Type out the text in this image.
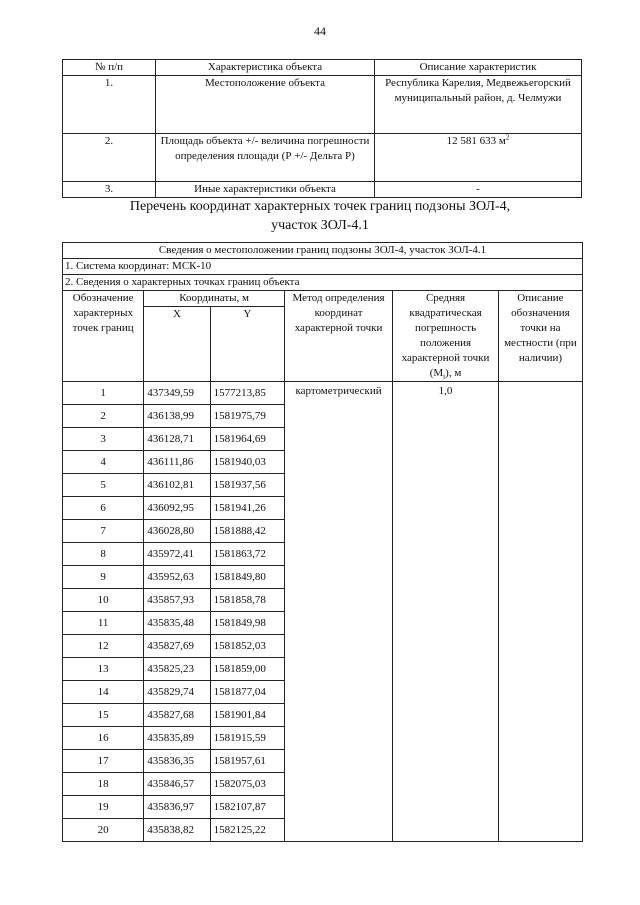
44
№ п/п	Характеристика объекта	Описание характеристик
1.	Местоположение объекта	Республика Карелия, Медвежьегорский муниципальный район, д. Челмужи
2.	Площадь объекта +/- величина погрешности определения площади (Р +/- Дельта Р)	12 581 633 $м^2$
3.	Иные характеристики объекта	-
Перечень координат характерных точек границ подзоны ЗОЛ-4,
участок ЗОЛ-4.1
Сведения о местоположении границ подзоны ЗОЛ-4, участок ЗОЛ-4.1					
1. Система координат: МСК-10					
2. Сведения о характерных точках границ объекта					
Обозначение характерных точек границ	Координаты, м		Метод определения координат характерной точки	Средняя квадратическая погрешность положения характерной точки $(M_t)$, м	Описание обозначения точки на местности (при наличии)
	X	Y			
1	437349,59	1577213,85	картометрический	1,0	
2	436138,99	1581975,79			
3	436128,71	1581964,69			
4	436111,86	1581940,03			
5	436102,81	1581937,56			
6	436092,95	1581941,26			
7	436028,80	1581888,42			
8	435972,41	1581863,72			
9	435952,63	1581849,80			
10	435857,93	1581858,78			
11	435835,48	1581849,98			
12	435827,69	1581852,03			
13	435825,23	1581859,00			
14	435829,74	1581877,04			
15	435827,68	1581901,84			
16	435835,89	1581915,59			
17	435836,35	1581957,61			
18	435846,57	1582075,03			
19	435836,97	1582107,87			
20	435838,82	1582125,22			
